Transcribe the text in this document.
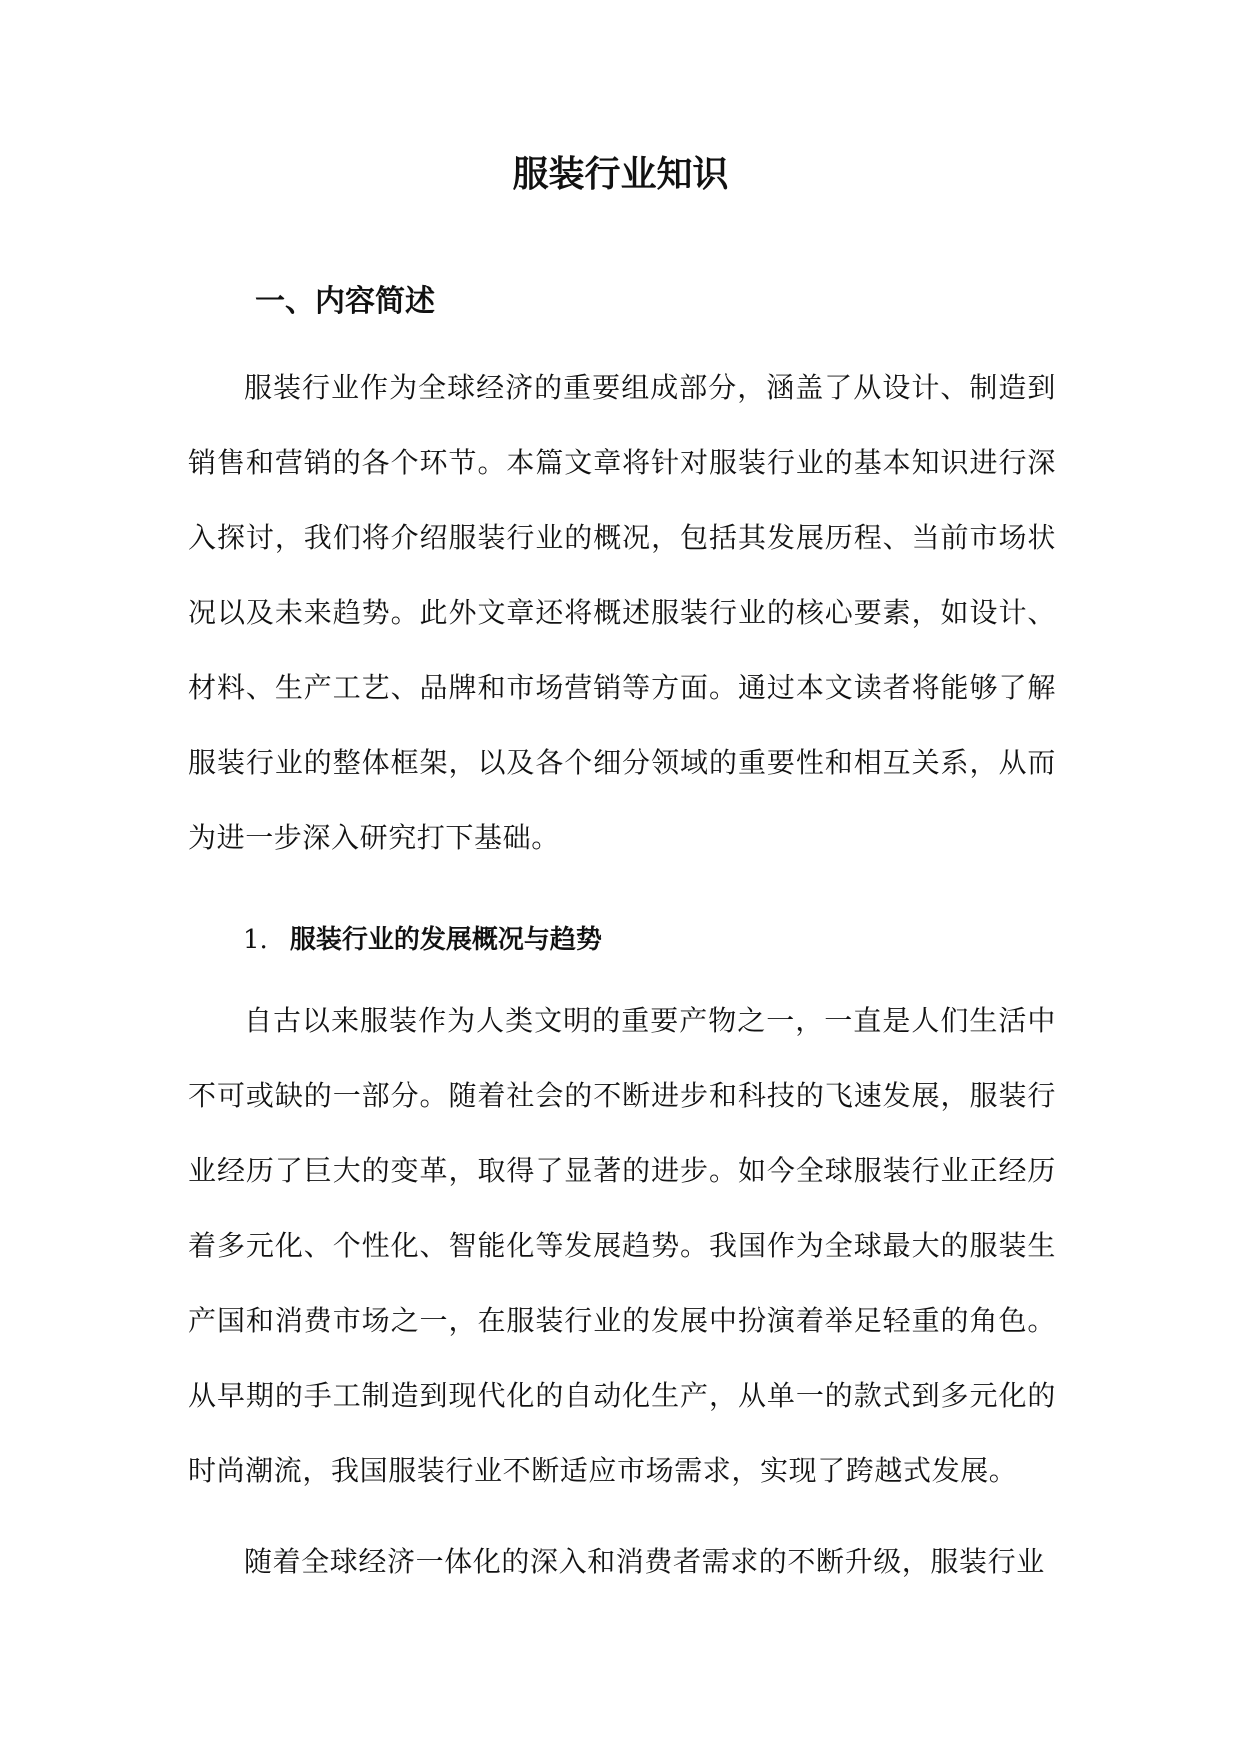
服装行业知识
一、内容简述

服装行业作为全球经济的重要组成部分，涵盖了从设计、制造到销售和营销的各个环节。本篇文章将针对服装行业的基本知识进行深入探讨，我们将介绍服装行业的概况，包括其发展历程、当前市场状况以及未来趋势。此外文章还将概述服装行业的核心要素，如设计、材料、生产工艺、品牌和市场营销等方面。通过本文读者将能够了解服装行业的整体框架，以及各个细分领域的重要性和相互关系，从而为进一步深入研究打下基础。

1. 服装行业的发展概况与趋势

自古以来服装作为人类文明的重要产物之一，一直是人们生活中不可或缺的一部分。随着社会的不断进步和科技的飞速发展，服装行业经历了巨大的变革，取得了显著的进步。如今全球服装行业正经历着多元化、个性化、智能化等发展趋势。我国作为全球最大的服装生产国和消费市场之一，在服装行业的发展中扮演着举足轻重的角色。从早期的手工制造到现代化的自动化生产，从单一的款式到多元化的时尚潮流，我国服装行业不断适应市场需求，实现了跨越式发展。

随着全球经济一体化的深入和消费者需求的不断升级，服装行业
